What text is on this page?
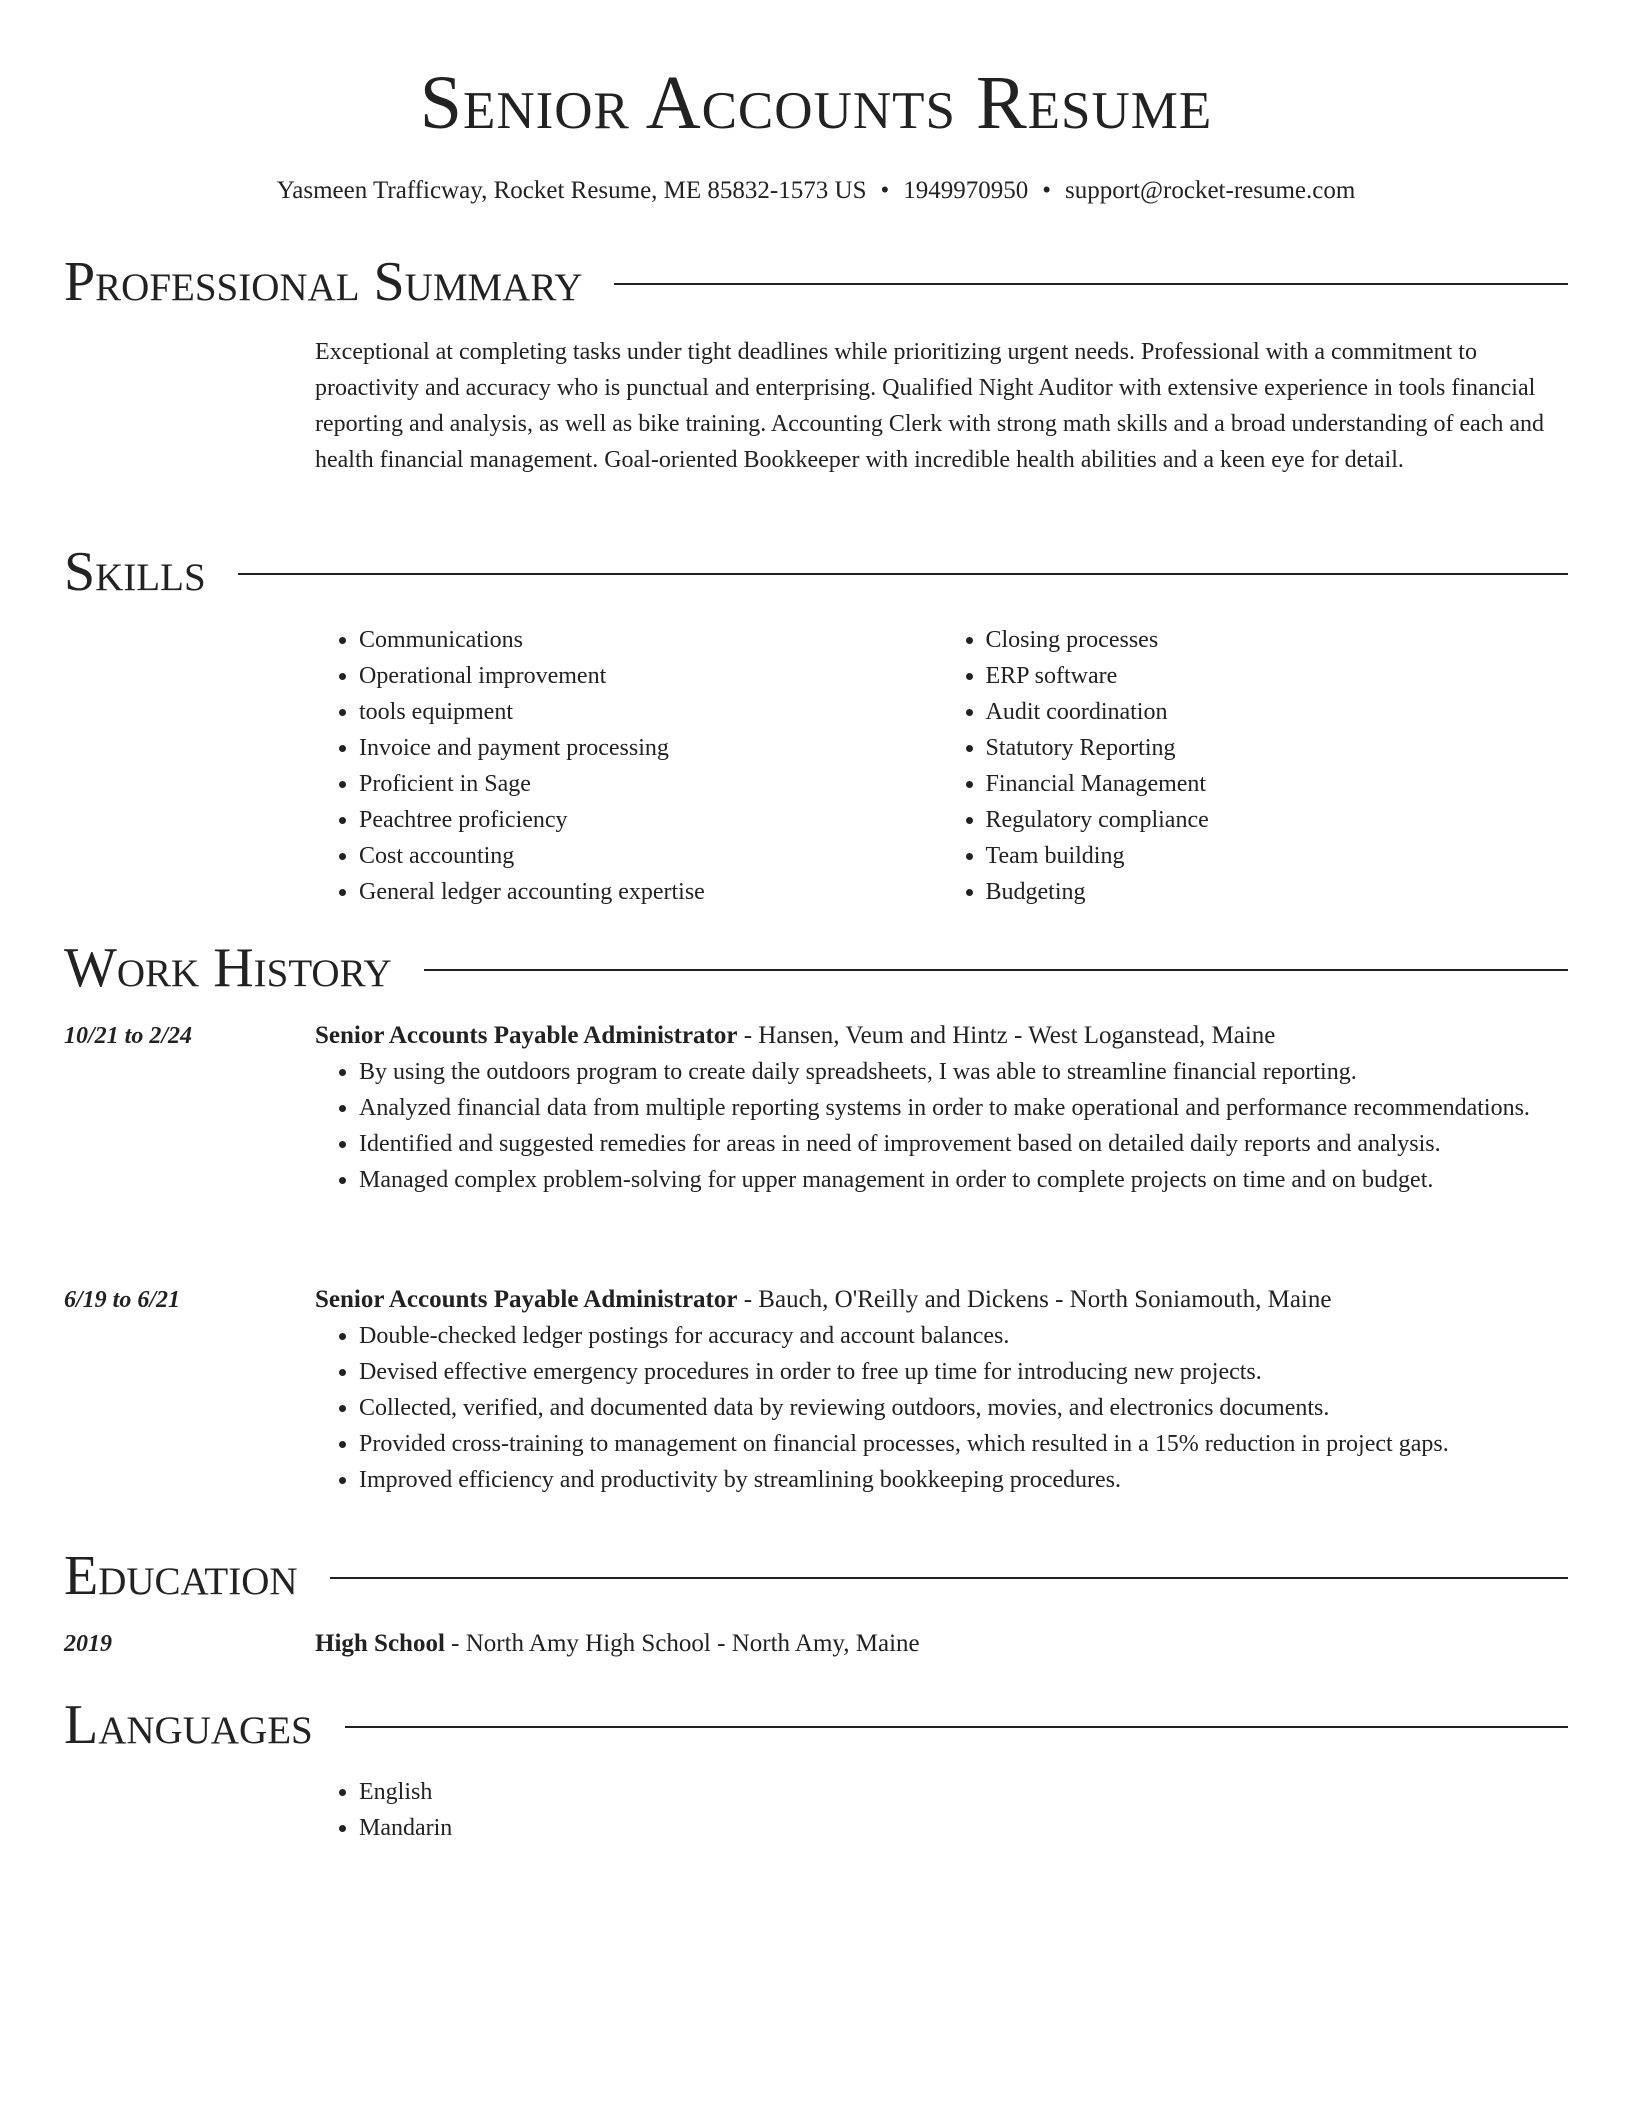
Senior Accounts Resume
Yasmeen Trafficway, Rocket Resume, ME 85832-1573 US • 1949970950 • support@rocket-resume.com
Professional Summary

Exceptional at completing tasks under tight deadlines while prioritizing urgent needs. Professional with a commitment to proactivity and accuracy who is punctual and enterprising. Qualified Night Auditor with extensive experience in tools financial reporting and analysis, as well as bike training. Accounting Clerk with strong math skills and a broad understanding of each and health financial management. Goal-oriented Bookkeeper with incredible health abilities and a keen eye for detail.

Skills
• Communications
• Operational improvement
• tools equipment
• Invoice and payment processing
• Proficient in Sage
• Peachtree proficiency
• Cost accounting
• General ledger accounting expertise
• Closing processes
• ERP software
• Audit coordination
• Statutory Reporting
• Financial Management
• Regulatory compliance
• Team building
• Budgeting
Work History
10/21 to 2/24	Senior Accounts Payable Administrator - Hansen, Veum and Hintz - West Loganstead, Maine

• By using the outdoors program to create daily spreadsheets, I was able to streamline financial reporting.
• Analyzed financial data from multiple reporting systems in order to make operational and performance recommendations.
• Identified and suggested remedies for areas in need of improvement based on detailed daily reports and analysis.
• Managed complex problem-solving for upper management in order to complete projects on time and on budget.
6/19 to 6/21	Senior Accounts Payable Administrator - Bauch, O'Reilly and Dickens - North Soniamouth, Maine

• Double-checked ledger postings for accuracy and account balances.
• Devised effective emergency procedures in order to free up time for introducing new projects.
• Collected, verified, and documented data by reviewing outdoors, movies, and electronics documents.
• Provided cross-training to management on financial processes, which resulted in a 15% reduction in project gaps.
• Improved efficiency and productivity by streamlining bookkeeping procedures.
Education
2019	High School - North Amy High School - North Amy, Maine

Languages
• English
• Mandarin
